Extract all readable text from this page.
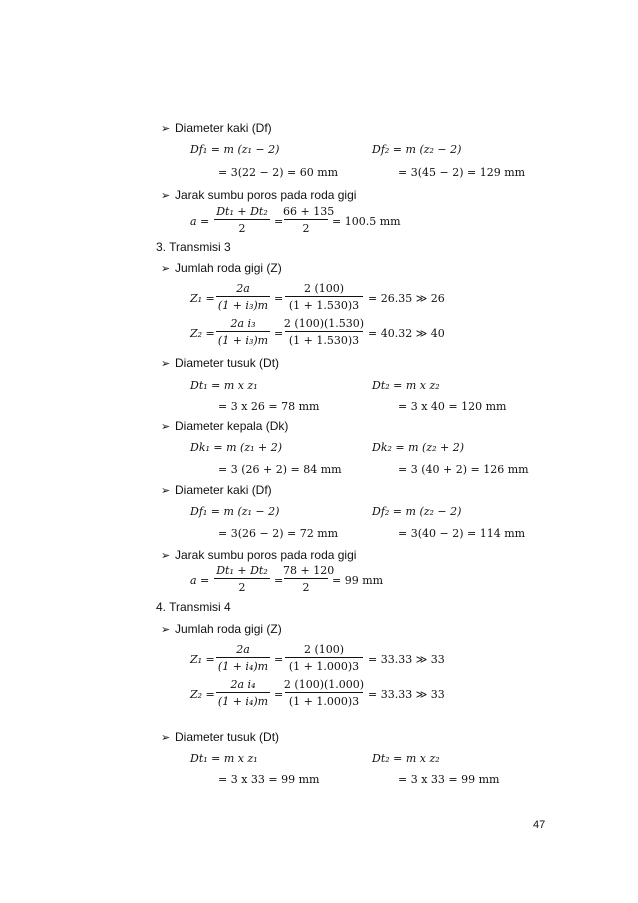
➢ Diameter kaki (Df)
Df₁ = m (z₁ − 2)
= 3(22 − 2) = 60 mm
Df₂ = m (z₂ − 2)
= 3(45 − 2) = 129 mm
➢ Jarak sumbu poros pada roda gigi
a =
Dt₁ + Dt₂
2
=
66 + 135
2
= 100.5 mm
3. Transmisi 3
➢ Jumlah roda gigi (Z)
Z₁ =
2a
(1 + i₃)m
=
2 (100)
(1 + 1.530)3
= 26.35 ≫ 26
Z₂ =
2a i₃
(1 + i₃)m
=
2 (100)(1.530)
(1 + 1.530)3
= 40.32 ≫ 40
➢ Diameter tusuk (Dt)
Dt₁ = m x z₁
= 3 x 26 = 78 mm
Dt₂ = m x z₂
= 3 x 40 = 120 mm
➢ Diameter kepala (Dk)
Dk₁ = m (z₁ + 2)
= 3 (26 + 2) = 84 mm
Dk₂ = m (z₂ + 2)
= 3 (40 + 2) = 126 mm
➢ Diameter kaki (Df)
Df₁ = m (z₁ − 2)
= 3(26 − 2) = 72 mm
Df₂ = m (z₂ − 2)
= 3(40 − 2) = 114 mm
➢ Jarak sumbu poros pada roda gigi
a =
Dt₁ + Dt₂
2
=
78 + 120
2
= 99 mm
4. Transmisi 4
➢ Jumlah roda gigi (Z)
Z₁ =
2a
(1 + i₄)m
=
2 (100)
(1 + 1.000)3
= 33.33 ≫ 33
Z₂ =
2a i₄
(1 + i₄)m
=
2 (100)(1.000)
(1 + 1.000)3
= 33.33 ≫ 33
➢ Diameter tusuk (Dt)
Dt₁ = m x z₁
= 3 x 33 = 99 mm
Dt₂ = m x z₂
= 3 x 33 = 99 mm
47
